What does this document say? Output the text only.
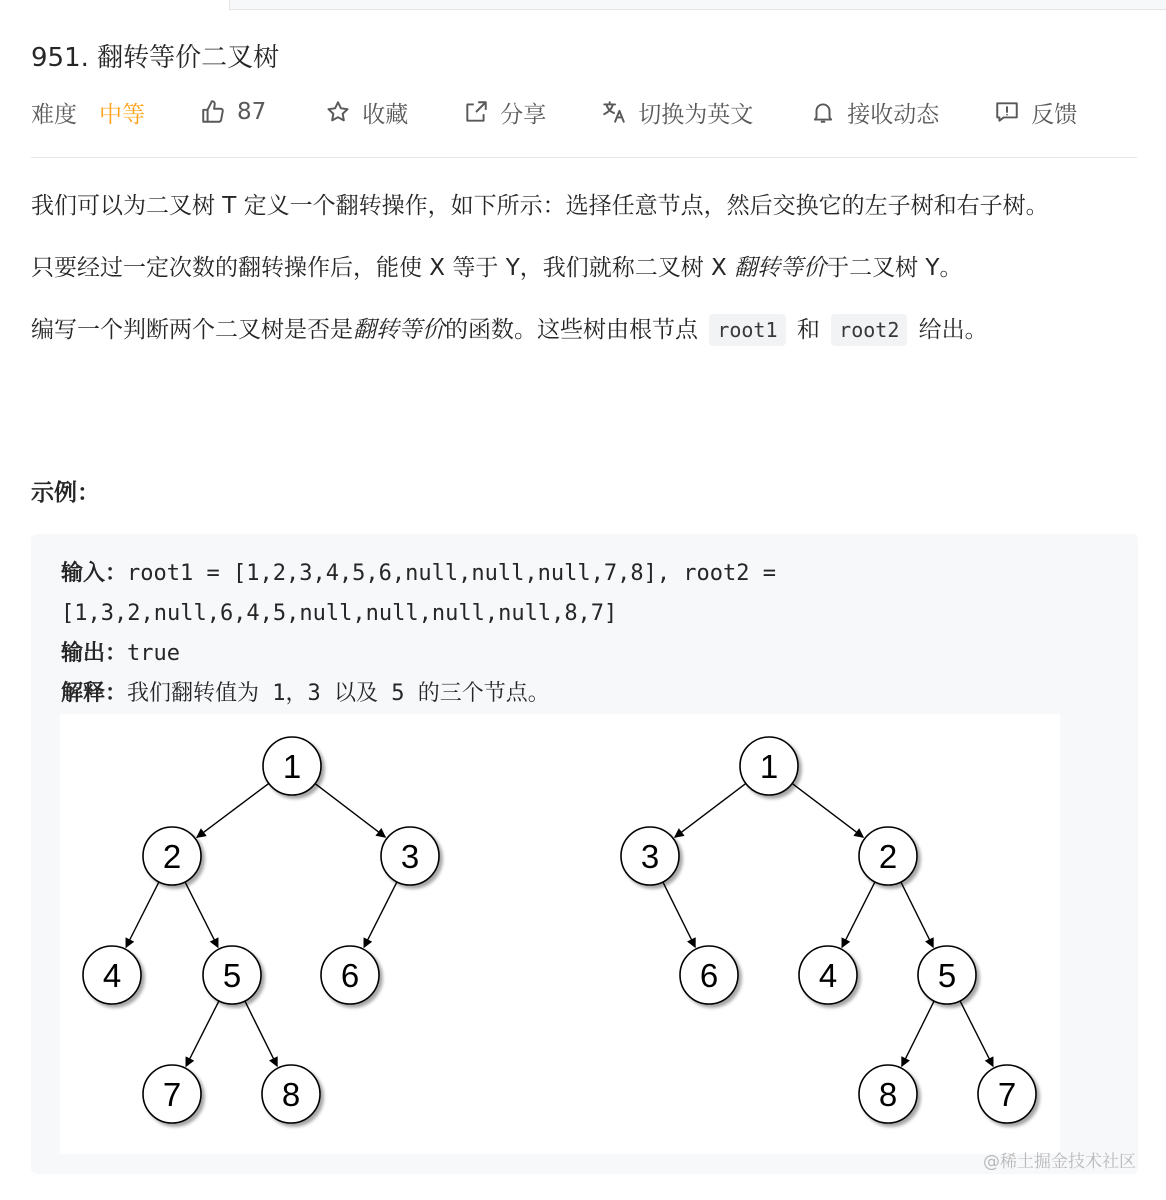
951. 翻转等价二叉树
难度 中等	87	收藏	分享	切换为英文	接收动态	反馈

我们可以为二叉树 T 定义一个翻转操作，如下所示：选择任意节点，然后交换它的左子树和右子树。

只要经过一定次数的翻转操作后，能使 X 等于 Y，我们就称二叉树 X 翻转等价于二叉树 Y。

编写一个判断两个二叉树是否是翻转等价的函数。这些树由根节点 root1 和 root2 给出。

示例：
输入：root1 = [1,2,3,4,5,6,null,null,null,7,8], root2 =
[1,3,2,null,6,4,5,null,null,null,null,8,7]
输出：true
解释：我们翻转值为 1，3 以及 5 的三个节点。
1
2	3
4	5	6
7	8
1
3	2
6	4	5
8	7
@稀土掘金技术社区
